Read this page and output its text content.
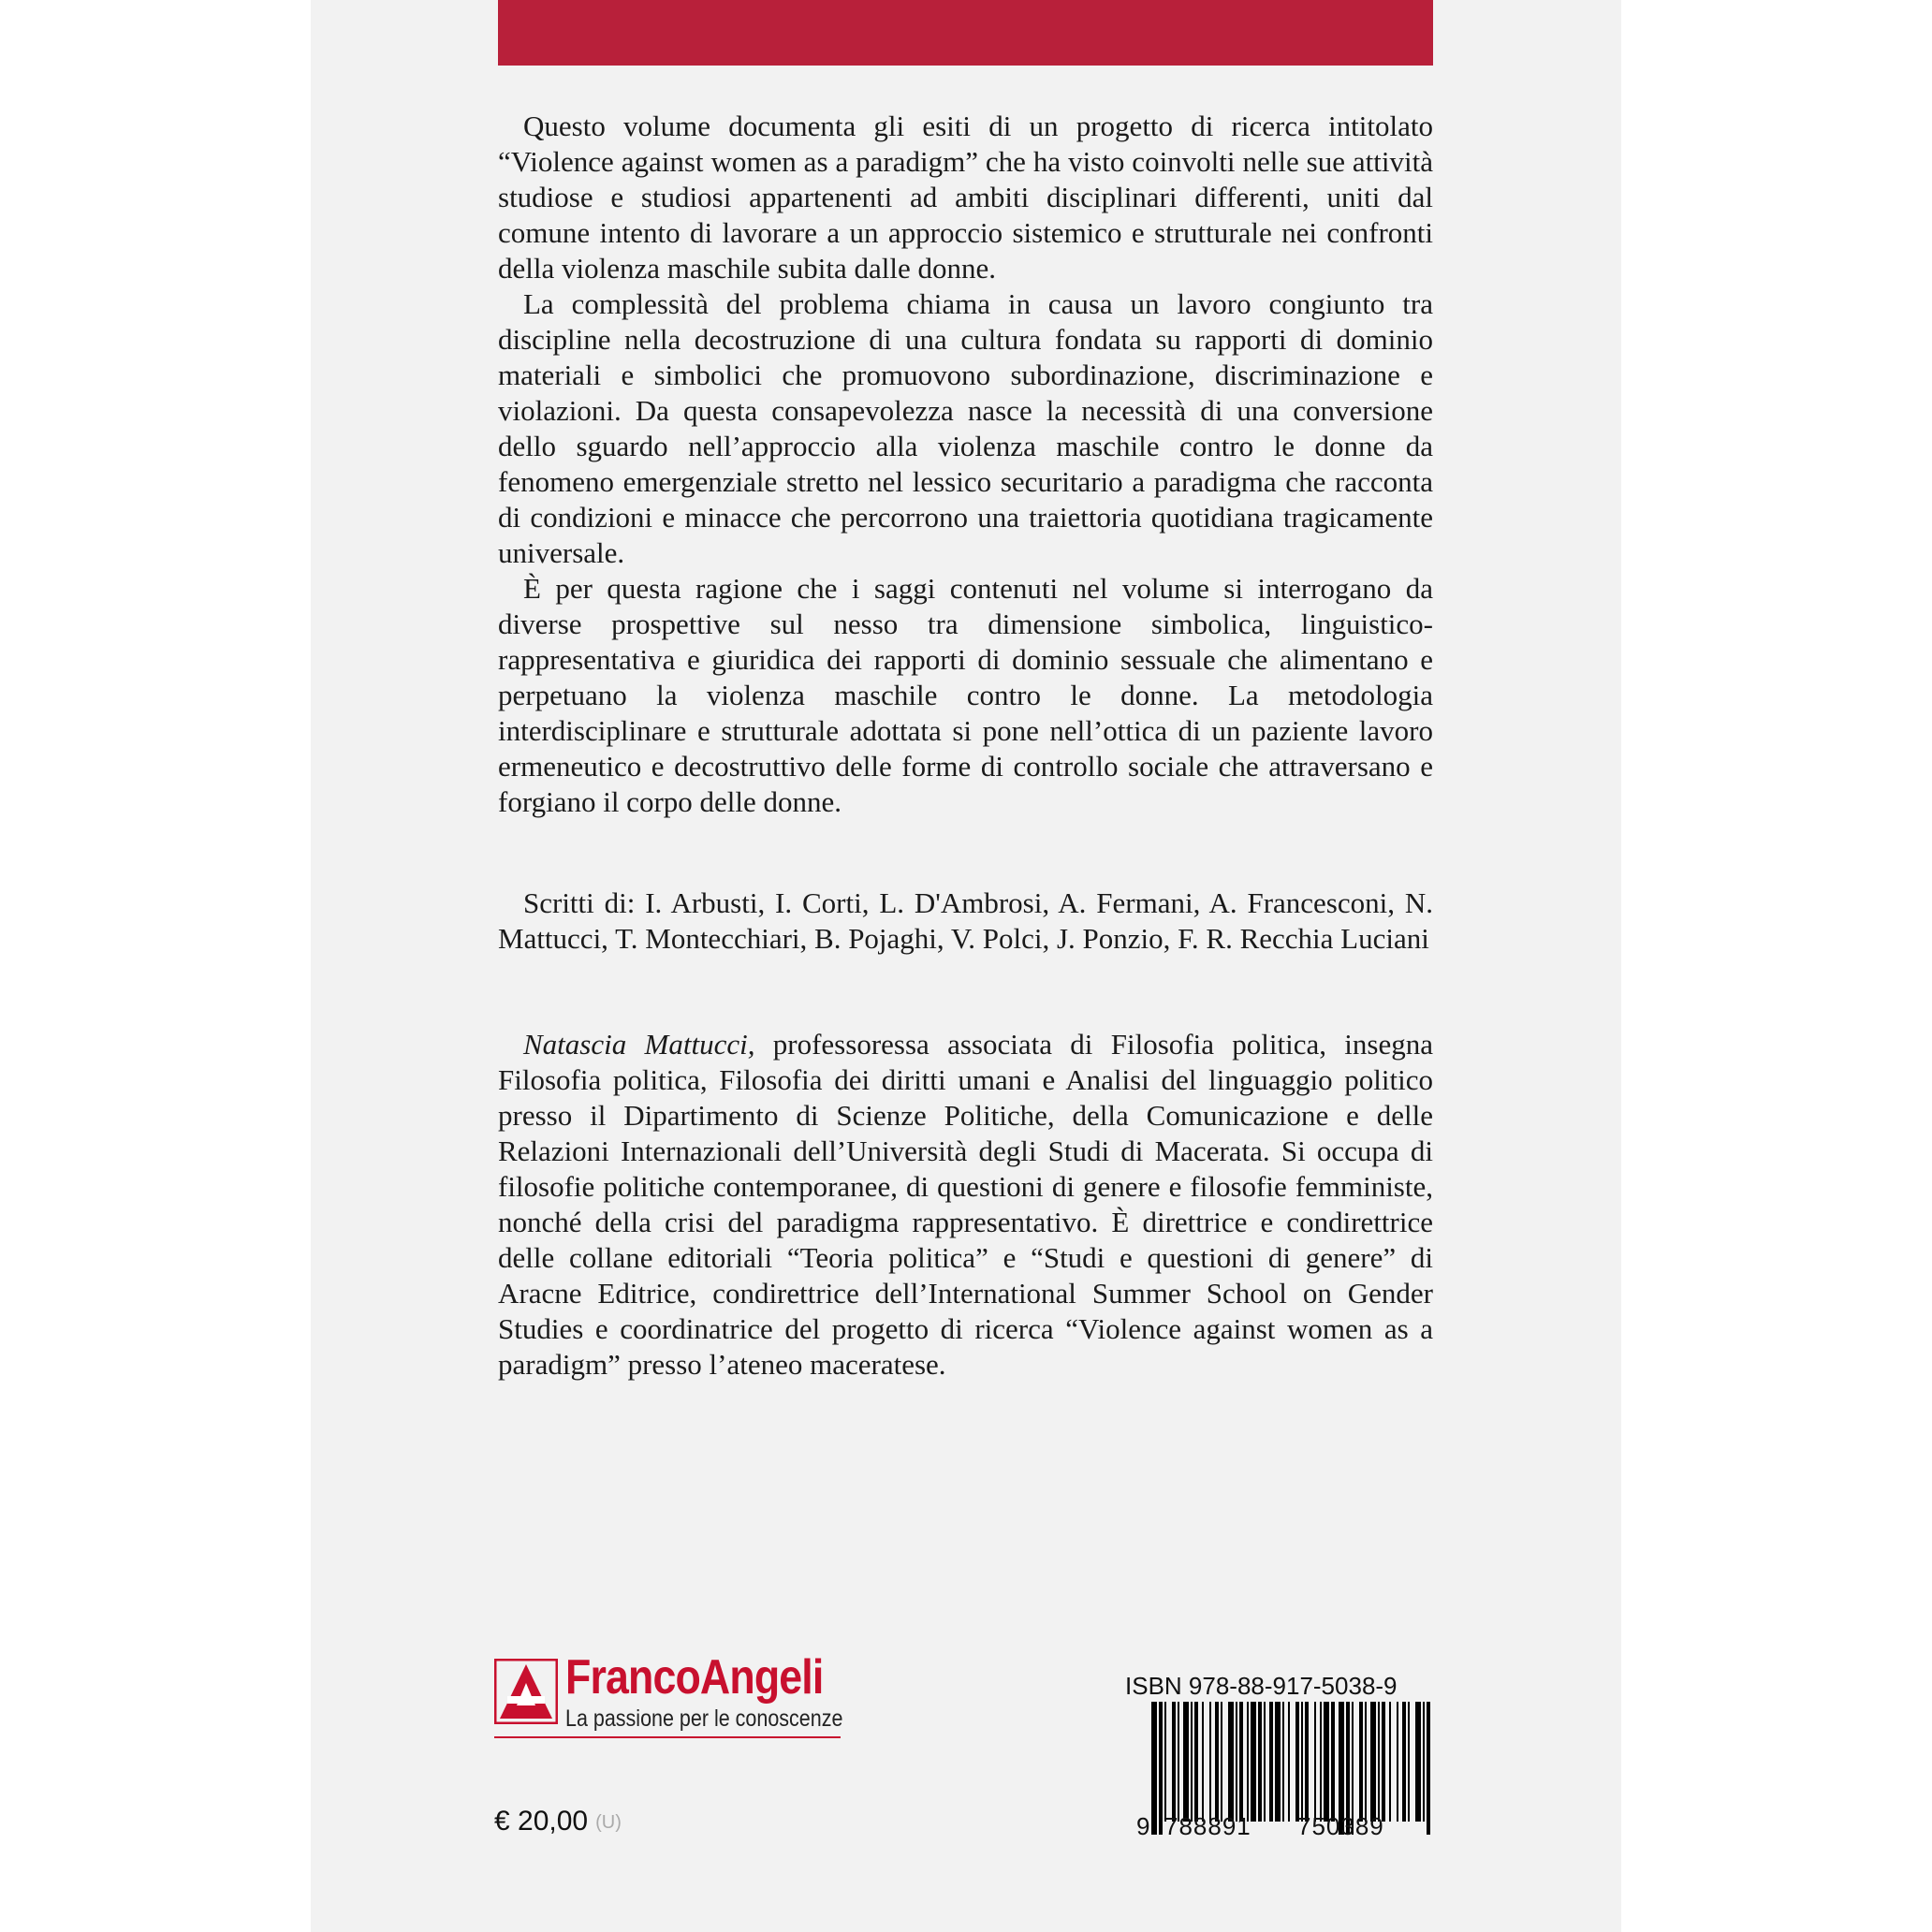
Questo volume documenta gli esiti di un progetto di ricerca intitolato “Violence against women as a paradigm” che ha visto coinvolti nelle sue attività studiose e studiosi appartenenti ad ambiti disciplinari differenti, uniti dal comune intento di lavorare a un approccio sistemico e strutturale nei confronti della violenza maschile subita dalle donne.

La complessità del problema chiama in causa un lavoro congiunto tra discipline nella decostruzione di una cultura fondata su rapporti di dominio materiali e simbolici che promuovono subordinazione, discriminazione e violazioni. Da questa consapevolezza nasce la necessità di una conversione dello sguardo nell’approccio alla violenza maschile contro le donne da fenomeno emergenziale stretto nel lessico securitario a paradigma che racconta di condizioni e minacce che percorrono una traiettoria quotidiana tragicamente universale.

È per questa ragione che i saggi contenuti nel volume si interrogano da diverse prospettive sul nesso tra dimensione simbolica, linguistico-rappresentativa e giuridica dei rapporti di dominio sessuale che alimentano e perpetuano la violenza maschile contro le donne. La metodologia interdisciplinare e strutturale adottata si pone nell’ottica di un paziente lavoro ermeneutico e decostruttivo delle forme di controllo sociale che attraversano e forgiano il corpo delle donne.

Scritti di: I. Arbusti, I. Corti, L. D'Ambrosi, A. Fermani, A. Francesconi, N. Mattucci, T. Montecchiari, B. Pojaghi, V. Polci, J. Ponzio, F. R. Recchia Luciani

Natascia Mattucci, professoressa associata di Filosofia politica, insegna Filosofia politica, Filosofia dei diritti umani e Analisi del linguaggio politico presso il Dipartimento di Scienze Politiche, della Comunicazione e delle Relazioni Internazionali dell’Università degli Studi di Macerata. Si occupa di filosofie politiche contemporanee, di questioni di genere e filosofie femministe, nonché della crisi del paradigma rappresentativo. È direttrice e condirettrice delle collane editoriali “Teoria politica” e “Studi e questioni di genere” di Aracne Editrice, condirettrice dell’International Summer School on Gender Studies e coordinatrice del progetto di ricerca “Violence against women as a paradigm” presso l’ateneo maceratese.

FrancoAngeli
La passione per le conoscenze
€ 20,00 (U)
ISBN 978-88-917-5038-9
9 788891 750389
